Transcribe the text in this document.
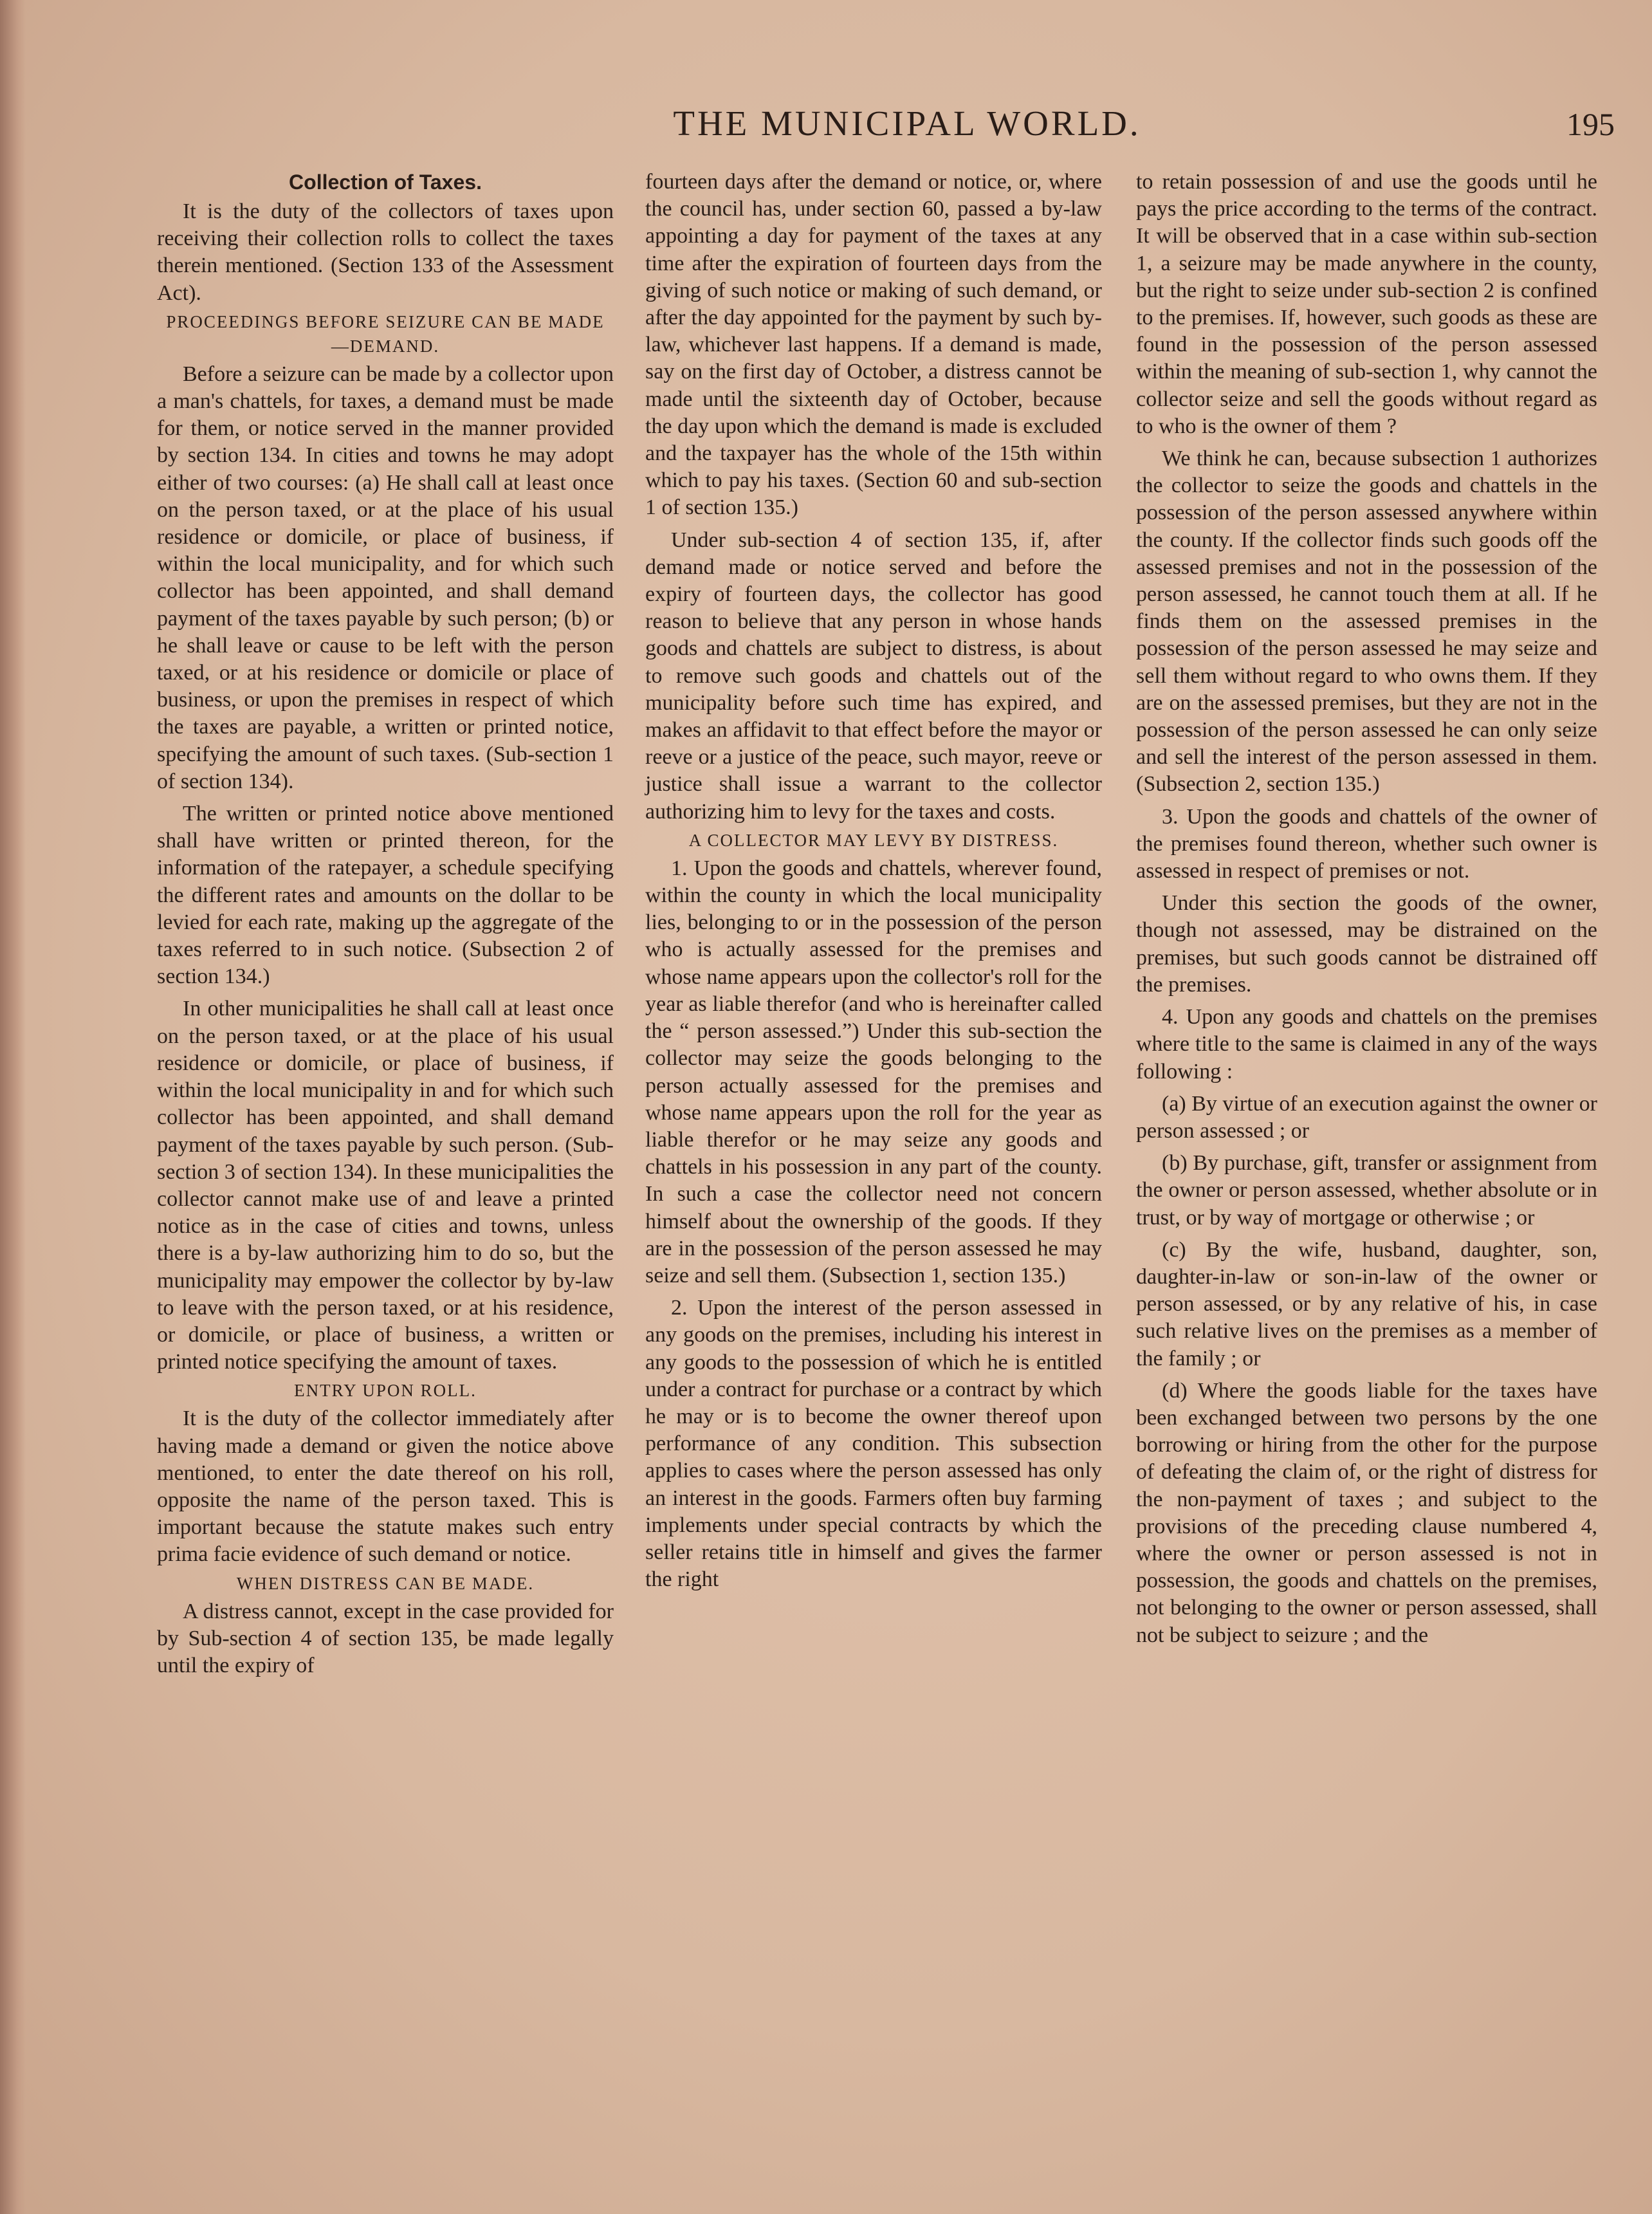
THE MUNICIPAL WORLD.	195
Collection of Taxes.

It is the duty of the collectors of taxes upon receiving their collection rolls to collect the taxes therein mentioned. (Section 133 of the Assessment Act).

PROCEEDINGS BEFORE SEIZURE CAN BE MADE—DEMAND.

Before a seizure can be made by a collector upon a man's chattels, for taxes, a demand must be made for them, or notice served in the manner provided by section 134. In cities and towns he may adopt either of two courses: (a) He shall call at least once on the person taxed, or at the place of his usual residence or domicile, or place of business, if within the local municipality, and for which such collector has been appointed, and shall demand payment of the taxes payable by such person; (b) or he shall leave or cause to be left with the person taxed, or at his residence or domicile or place of business, or upon the premises in respect of which the taxes are payable, a written or printed notice, specifying the amount of such taxes. (Sub-section 1 of section 134).

The written or printed notice above mentioned shall have written or printed thereon, for the information of the ratepayer, a schedule specifying the different rates and amounts on the dollar to be levied for each rate, making up the aggregate of the taxes referred to in such notice. (Subsection 2 of section 134.)

In other municipalities he shall call at least once on the person taxed, or at the place of his usual residence or domicile, or place of business, if within the local municipality in and for which such collector has been appointed, and shall demand payment of the taxes payable by such person. (Sub-section 3 of section 134). In these municipalities the collector cannot make use of and leave a printed notice as in the case of cities and towns, unless there is a by-law authorizing him to do so, but the municipality may empower the collector by by-law to leave with the person taxed, or at his residence, or domicile, or place of business, a written or printed notice specifying the amount of taxes.

ENTRY UPON ROLL.

It is the duty of the collector immediately after having made a demand or given the notice above mentioned, to enter the date thereof on his roll, opposite the name of the person taxed. This is important because the statute makes such entry prima facie evidence of such demand or notice.

WHEN DISTRESS CAN BE MADE.

A distress cannot, except in the case provided for by Sub-section 4 of section 135, be made legally until the expiry of

fourteen days after the demand or notice, or, where the council has, under section 60, passed a by-law appointing a day for payment of the taxes at any time after the expiration of fourteen days from the giving of such notice or making of such demand, or after the day appointed for the payment by such by-law, whichever last happens. If a demand is made, say on the first day of October, a distress cannot be made until the sixteenth day of October, because the day upon which the demand is made is excluded and the taxpayer has the whole of the 15th within which to pay his taxes. (Section 60 and sub-section 1 of section 135.)

Under sub-section 4 of section 135, if, after demand made or notice served and before the expiry of fourteen days, the collector has good reason to believe that any person in whose hands goods and chattels are subject to distress, is about to remove such goods and chattels out of the municipality before such time has expired, and makes an affidavit to that effect before the mayor or reeve or a justice of the peace, such mayor, reeve or justice shall issue a warrant to the collector authorizing him to levy for the taxes and costs.

A COLLECTOR MAY LEVY BY DISTRESS.

1. Upon the goods and chattels, wherever found, within the county in which the local municipality lies, belonging to or in the possession of the person who is actually assessed for the premises and whose name appears upon the collector's roll for the year as liable therefor (and who is hereinafter called the “ person assessed.”) Under this sub-section the collector may seize the goods belonging to the person actually assessed for the premises and whose name appears upon the roll for the year as liable therefor or he may seize any goods and chattels in his possession in any part of the county. In such a case the collector need not concern himself about the ownership of the goods. If they are in the possession of the person assessed he may seize and sell them. (Subsection 1, section 135.)

2. Upon the interest of the person assessed in any goods on the premises, including his interest in any goods to the possession of which he is entitled under a contract for purchase or a contract by which he may or is to become the owner thereof upon performance of any condition. This subsection applies to cases where the person assessed has only an interest in the goods. Farmers often buy farming implements under special contracts by which the seller retains title in himself and gives the farmer the right

to retain possession of and use the goods until he pays the price according to the terms of the contract. It will be observed that in a case within sub-section 1, a seizure may be made anywhere in the county, but the right to seize under sub-section 2 is confined to the premises. If, however, such goods as these are found in the possession of the person assessed within the meaning of sub-section 1, why cannot the collector seize and sell the goods without regard as to who is the owner of them ?

We think he can, because subsection 1 authorizes the collector to seize the goods and chattels in the possession of the person assessed anywhere within the county. If the collector finds such goods off the assessed premises and not in the possession of the person assessed, he cannot touch them at all. If he finds them on the assessed premises in the possession of the person assessed he may seize and sell them without regard to who owns them. If they are on the assessed premises, but they are not in the possession of the person assessed he can only seize and sell the interest of the person assessed in them. (Subsection 2, section 135.)

3. Upon the goods and chattels of the owner of the premises found thereon, whether such owner is assessed in respect of premises or not.

Under this section the goods of the owner, though not assessed, may be distrained on the premises, but such goods cannot be distrained off the premises.

4. Upon any goods and chattels on the premises where title to the same is claimed in any of the ways following :

(a) By virtue of an execution against the owner or person assessed ; or

(b) By purchase, gift, transfer or assignment from the owner or person assessed, whether absolute or in trust, or by way of mortgage or otherwise ; or

(c) By the wife, husband, daughter, son, daughter-in-law or son-in-law of the owner or person assessed, or by any relative of his, in case such relative lives on the premises as a member of the family ; or

(d) Where the goods liable for the taxes have been exchanged between two persons by the one borrowing or hiring from the other for the purpose of defeating the claim of, or the right of distress for the non-payment of taxes ; and subject to the provisions of the preceding clause numbered 4, where the owner or person assessed is not in possession, the goods and chattels on the premises, not belonging to the owner or person assessed, shall not be subject to seizure ; and the
